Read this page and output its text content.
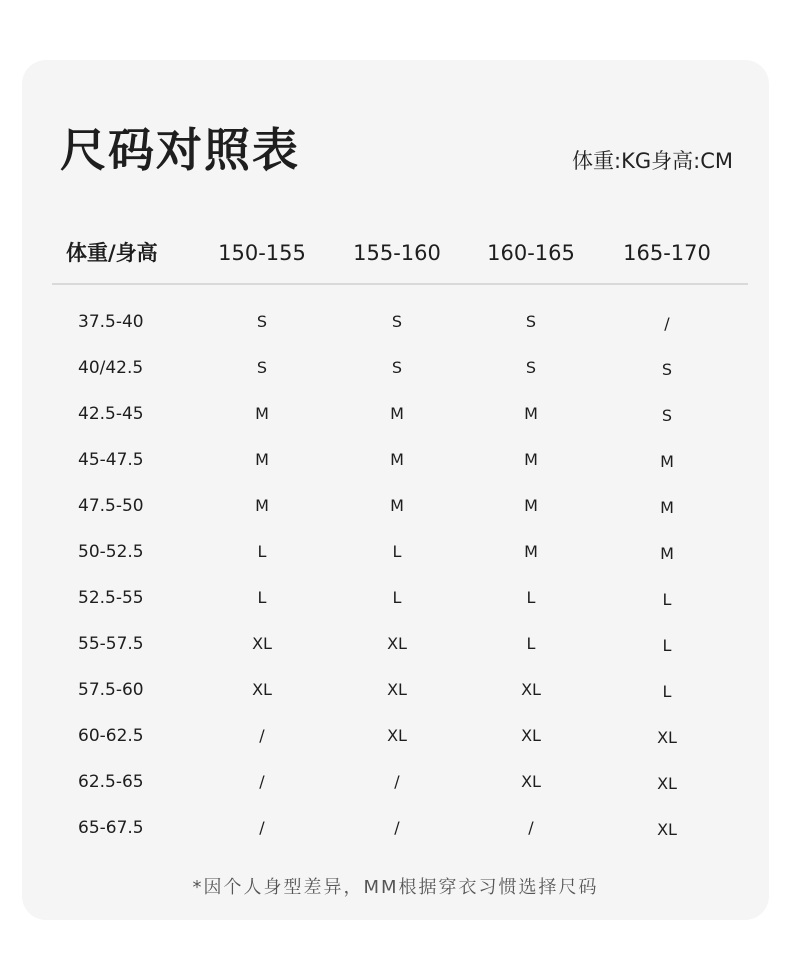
尺码对照表	体重:KG身高:CM
体重/身高	150-155	155-160	160-165	165-170
37.5-40	S	S	S	/
40/42.5	S	S	S	S
42.5-45	M	M	M	S
45-47.5	M	M	M	M
47.5-50	M	M	M	M
50-52.5	L	L	M	M
52.5-55	L	L	L	L
55-57.5	XL	XL	L	L
57.5-60	XL	XL	XL	L
60-62.5	/	XL	XL	XL
62.5-65	/	/	XL	XL
65-67.5	/	/	/	XL
*因个人身型差异，MM根据穿衣习惯选择尺码
